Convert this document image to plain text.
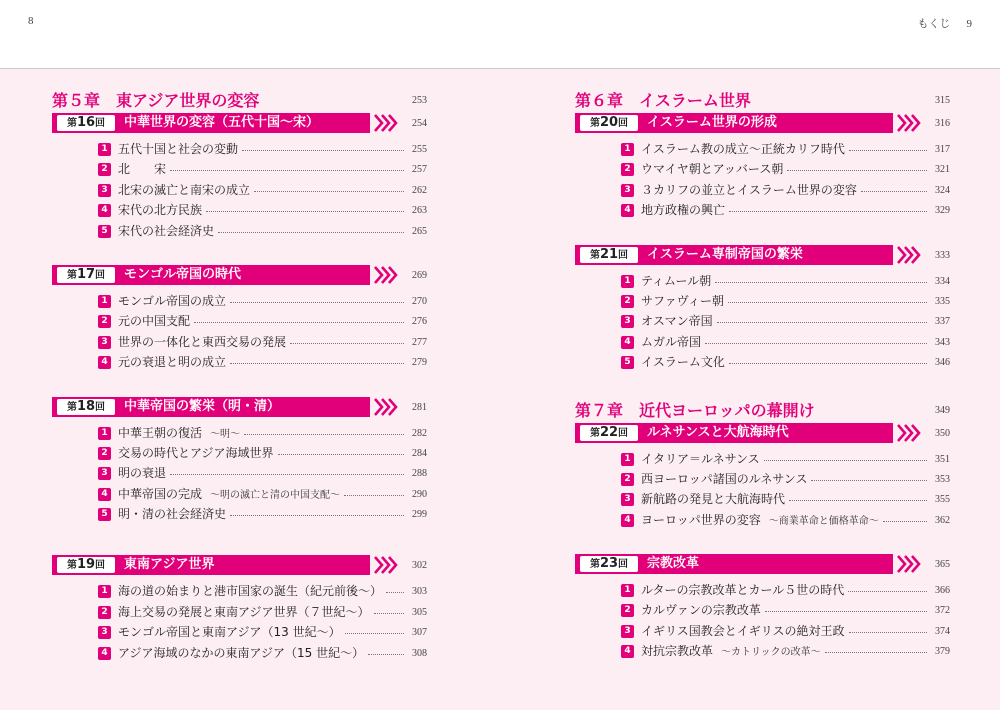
8	もくじ 9
第５章　東アジア世界の変容	253
第16回	中華世界の変容（五代十国〜宋）	254
1 五代十国と社会の変動	255
2 北　　宋	257
3 北宋の滅亡と南宋の成立	262
4 宋代の北方民族	263
5 宋代の社会経済史	265
第17回	モンゴル帝国の時代	269
1 モンゴル帝国の成立	270
2 元の中国支配	276
3 世界の一体化と東西交易の発展	277
4 元の衰退と明の成立	279
第18回	中華帝国の繁栄（明・清）	281
1 中華王朝の復活 〜明〜	282
2 交易の時代とアジア海域世界	284
3 明の衰退	288
4 中華帝国の完成 〜明の滅亡と清の中国支配〜	290
5 明・清の社会経済史	299
第19回	東南アジア世界	302
1 海の道の始まりと港市国家の誕生（紀元前後〜）	303
2 海上交易の発展と東南アジア世界（７世紀〜）	305
3 モンゴル帝国と東南アジア（13 世紀〜）	307
4 アジア海域のなかの東南アジア（15 世紀〜）	308
第６章　イスラーム世界	315
第20回	イスラーム世界の形成	316
1 イスラーム教の成立〜正統カリフ時代	317
2 ウマイヤ朝とアッバース朝	321
3 ３カリフの並立とイスラーム世界の変容	324
4 地方政権の興亡	329
第21回	イスラーム専制帝国の繁栄	333
1 ティムール朝	334
2 サファヴィー朝	335
3 オスマン帝国	337
4 ムガル帝国	343
5 イスラーム文化	346
第７章　近代ヨーロッパの幕開け	349
第22回	ルネサンスと大航海時代	350
1 イタリア＝ルネサンス	351
2 西ヨーロッパ諸国のルネサンス	353
3 新航路の発見と大航海時代	355
4 ヨーロッパ世界の変容 〜商業革命と価格革命〜	362
第23回	宗教改革	365
1 ルターの宗教改革とカール５世の時代	366
2 カルヴァンの宗教改革	372
3 イギリス国教会とイギリスの絶対王政	374
4 対抗宗教改革 〜カトリックの改革〜	379
